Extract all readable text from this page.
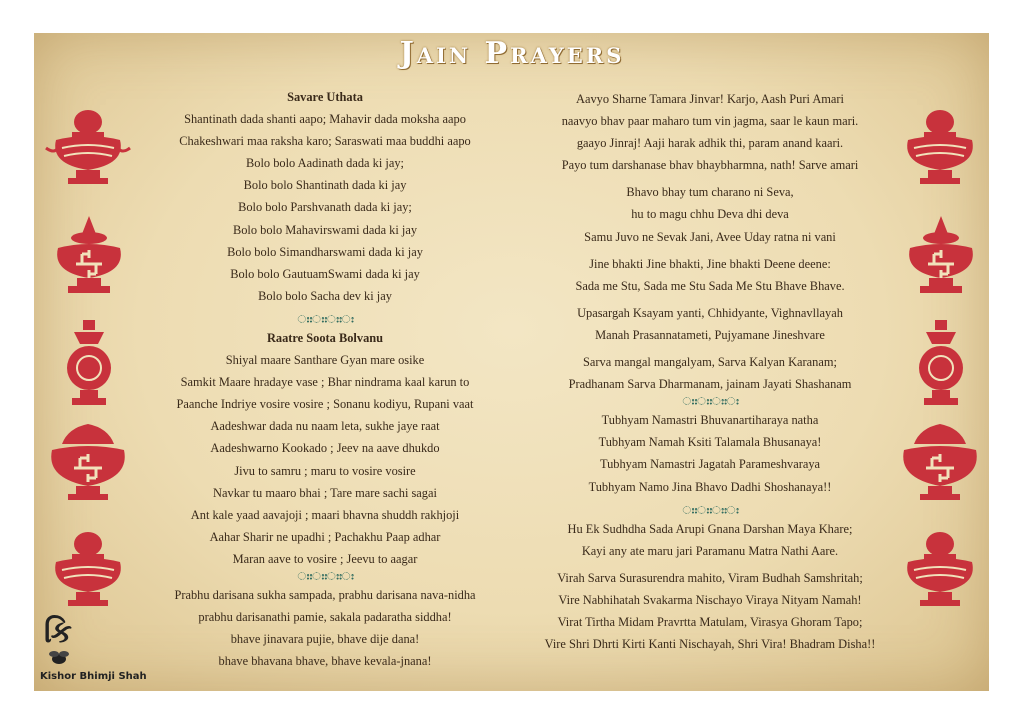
Jain Prayers
Savare Uthata
Shantinath dada shanti aapo; Mahavir dada moksha aapo
Chakeshwari maa raksha karo; Saraswati maa buddhi aapo
Bolo bolo Aadinath dada ki jay;
Bolo bolo Shantinath dada ki jay
Bolo bolo Parshvanath dada ki jay;
Bolo bolo Mahavirswami dada ki jay
Bolo bolo Simandharswami dada ki jay
Bolo bolo GautuamSwami dada ki jay
Bolo bolo Sacha dev ki jay
ഃഃഃഃഃഃഃ
Raatre Soota Bolvanu
Shiyal maare Santhare Gyan mare osike
Samkit Maare hradaye vase ; Bhar nindrama kaal karun to
Paanche Indriye vosire vosire ; Sonanu kodiyu, Rupani vaat
Aadeshwar dada nu naam leta, sukhe jaye raat
Aadeshwarno Kookado ; Jeev na aave dhukdo
Jivu to samru ; maru to vosire vosire
Navkar tu maaro bhai ; Tare mare sachi sagai
Ant kale yaad aavajoji ; maari bhavna shuddh rakhjoji
Aahar Sharir ne upadhi ; Pachakhu Paap adhar
Maran aave to vosire ; Jeevu to aagar
ഃഃഃഃഃഃഃ
Prabhu darisana sukha sampada, prabhu darisana nava-nidha
prabhu darisanathi pamie, sakala padaratha siddha!
bhave jinavara pujie, bhave dije dana!
bhave bhavana bhave, bhave kevala-jnana!
Aavyo Sharne Tamara Jinvar! Karjo, Aash Puri Amari
naavyo bhav paar maharo tum vin jagma, saar le kaun mari.
gaayo Jinraj! Aaji harak adhik thi, param anand kaari.
Payo tum darshanase bhav bhaybharmna, nath! Sarve amari
Bhavo bhay tum charano ni Seva,
hu to magu chhu Deva dhi deva
Samu Juvo ne Sevak Jani, Avee Uday ratna ni vani
Jine bhakti Jine bhakti, Jine bhakti Deene deene:
Sada me Stu, Sada me Stu Sada Me Stu Bhave Bhave.
Upasargah Ksayam yanti, Chhidyante, Vighnavllayah
Manah Prasannatameti, Pujyamane Jineshvare
Sarva mangal mangalyam, Sarva Kalyan Karanam;
Pradhanam Sarva Dharmanam, jainam Jayati Shashanam
ഃഃഃഃഃഃഃ
Tubhyam Namastri Bhuvanartiharaya natha
Tubhyam Namah Ksiti Talamala Bhusanaya!
Tubhyam Namastri Jagatah Parameshvaraya
Tubhyam Namo Jina Bhavo Dadhi Shoshanaya!!
ഃഃഃഃഃഃഃ
Hu Ek Sudhdha Sada Arupi Gnana Darshan Maya Khare;
Kayi any ate maru jari Paramanu Matra Nathi Aare.
Virah Sarva Surasurendra mahito, Viram Budhah Samshritah;
Vire Nabhihatah Svakarma Nischayo Viraya Nityam Namah!
Virat Tirtha Midam Pravrtta Matulam, Virasya Ghoram Tapo;
Vire Shri Dhrti Kirti Kanti Nischayah, Shri Vira! Bhadram Disha!!
કિ
Kishor Bhimji Shah
